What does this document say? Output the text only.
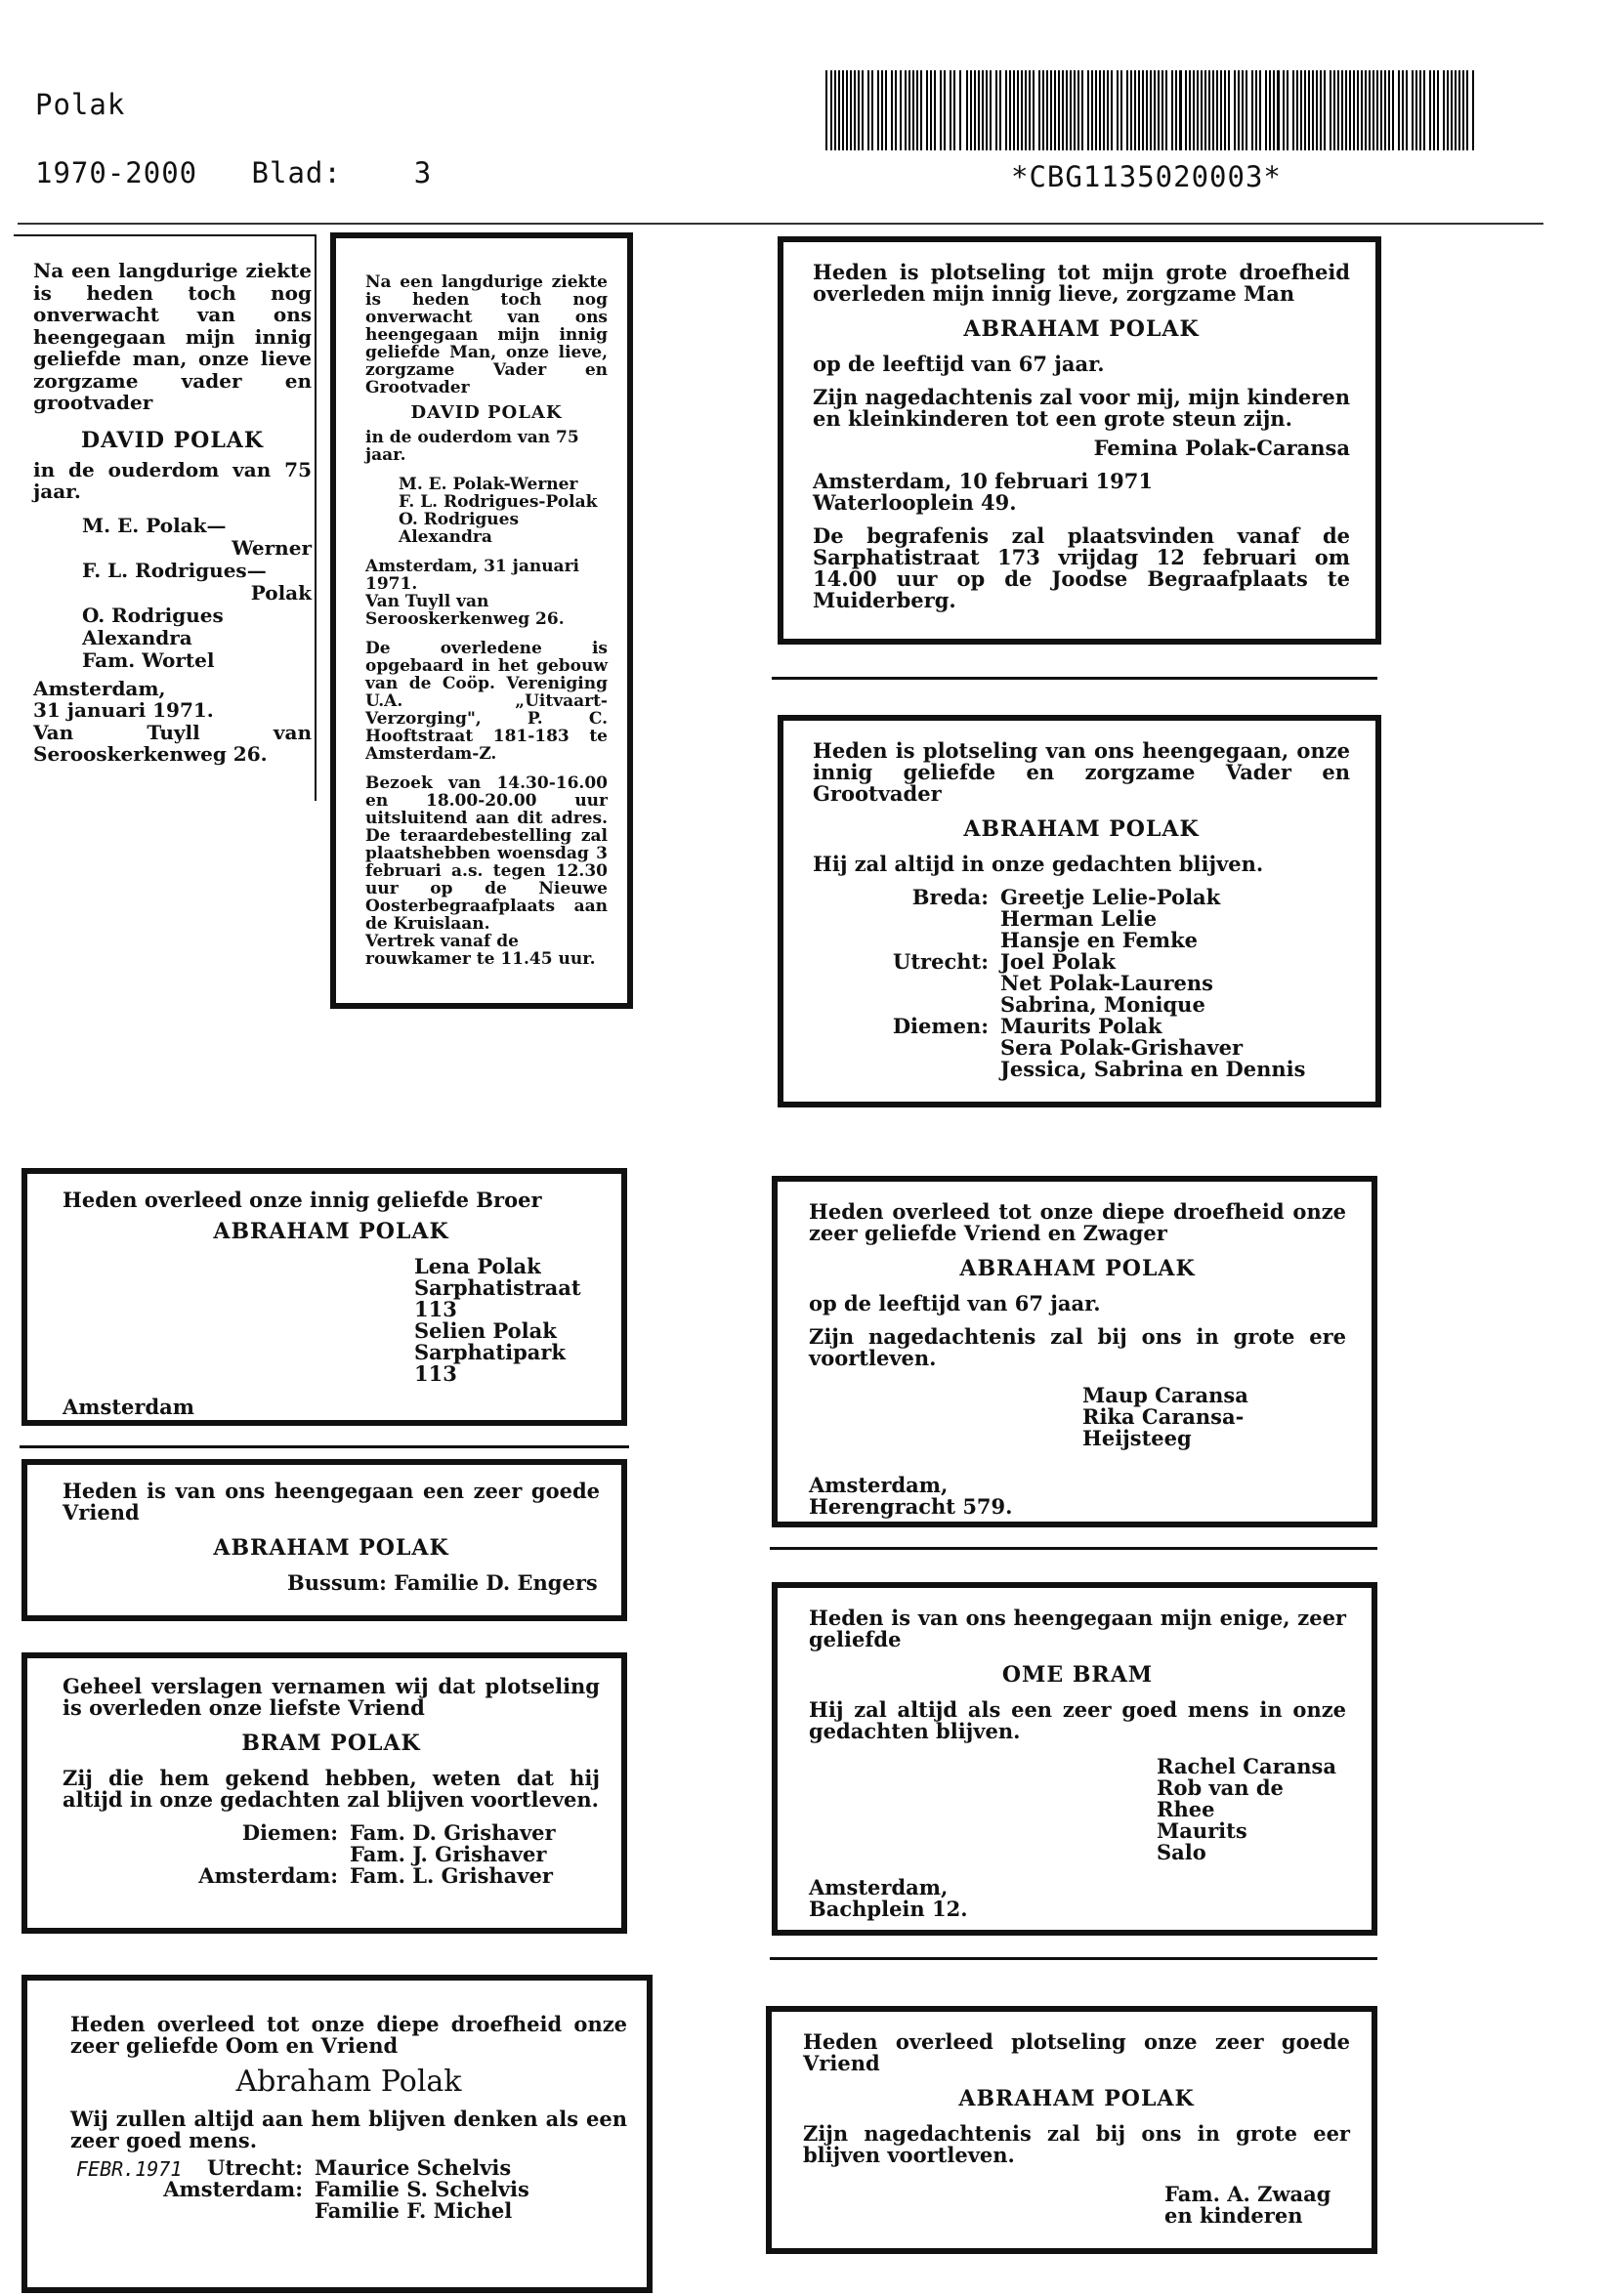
Polak
1970-2000 Blad:	3	*CBG1135020003*

Na een langdurige ziekte is heden toch nog onverwacht van ons heengegaan mijn innig geliefde man, onze lieve zorgzame vader en grootvader

DAVID POLAK

in de ouderdom van 75 jaar.

M. E. Polak—
Werner
F. L. Rodrigues—
Polak
O. Rodrigues
Alexandra
Fam. Wortel

Amsterdam,

31 januari 1971.

Van Tuyll van Serooskerkenweg 26.

Na een langdurige ziekte is heden toch nog onverwacht van ons heengegaan mijn innig geliefde Man, onze lieve, zorgzame Vader en Grootvader

DAVID POLAK

in de ouderdom van 75 jaar.

M. E. Polak-Werner
F. L. Rodrigues-Polak
O. Rodrigues
Alexandra

Amsterdam, 31 januari 1971.

Van Tuyll van Serooskerkenweg 26.

De overledene is opgebaard in het gebouw van de Coöp. Vereniging U.A. „Uitvaart-Verzorging", P. C. Hooftstraat 181-183 te Amsterdam-Z.

Bezoek van 14.30-16.00 en 18.00-20.00 uur uitsluitend aan dit adres. De teraardebestelling zal plaatshebben woensdag 3 februari a.s. tegen 12.30 uur op de Nieuwe Oosterbegraafplaats aan de Kruislaan.

Vertrek vanaf de rouwkamer te 11.45 uur.

Heden is plotseling tot mijn grote droefheid overleden mijn innig lieve, zorgzame Man

ABRAHAM POLAK

op de leeftijd van 67 jaar.

Zijn nagedachtenis zal voor mij, mijn kinderen en kleinkinderen tot een grote steun zijn.

Femina Polak-Caransa

Amsterdam, 10 februari 1971

Waterlooplein 49.

De begrafenis zal plaatsvinden vanaf de Sarphatistraat 173 vrijdag 12 februari om 14.00 uur op de Joodse Begraafplaats te Muiderberg.

Heden is plotseling van ons heengegaan, onze innig geliefde en zorgzame Vader en Grootvader

ABRAHAM POLAK

Hij zal altijd in onze gedachten blijven.

Breda: Greetje Lelie-Polak
Herman Lelie
Hansje en Femke
Utrecht: Joel Polak
Net Polak-Laurens
Sabrina, Monique
Diemen: Maurits Polak
Sera Polak-Grishaver
Jessica, Sabrina en Dennis

Heden overleed onze innig geliefde Broer

ABRAHAM POLAK

Lena Polak
Sarphatistraat 113
Selien Polak
Sarphatipark 113

Amsterdam

Heden overleed tot onze diepe droefheid onze zeer geliefde Vriend en Zwager

ABRAHAM POLAK

op de leeftijd van 67 jaar.

Zijn nagedachtenis zal bij ons in grote ere voortleven.

Maup Caransa
Rika Caransa-Heijsteeg

Amsterdam,

Herengracht 579.

Heden is van ons heengegaan een zeer goede Vriend

ABRAHAM POLAK

Bussum: Familie D. Engers

Geheel verslagen vernamen wij dat plotseling is overleden onze liefste Vriend

BRAM POLAK

Zij die hem gekend hebben, weten dat hij altijd in onze gedachten zal blijven voortleven.

Diemen: Fam. D. Grishaver
Fam. J. Grishaver
Amsterdam: Fam. L. Grishaver

Heden is van ons heengegaan mijn enige, zeer geliefde

OME BRAM

Hij zal altijd als een zeer goed mens in onze gedachten blijven.

Rachel Caransa
Rob van de Rhee
Maurits
Salo

Amsterdam,

Bachplein 12.

Heden overleed tot onze diepe droefheid onze zeer geliefde Oom en Vriend

Abraham Polak

Wij zullen altijd aan hem blijven denken als een zeer goed mens.

FEBR.1971	Utrecht: Maurice Schelvis
Amsterdam: Familie S. Schelvis
Familie F. Michel

Heden overleed plotseling onze zeer goede Vriend

ABRAHAM POLAK

Zijn nagedachtenis zal bij ons in grote eer blijven voortleven.

Fam. A. Zwaag
en kinderen
